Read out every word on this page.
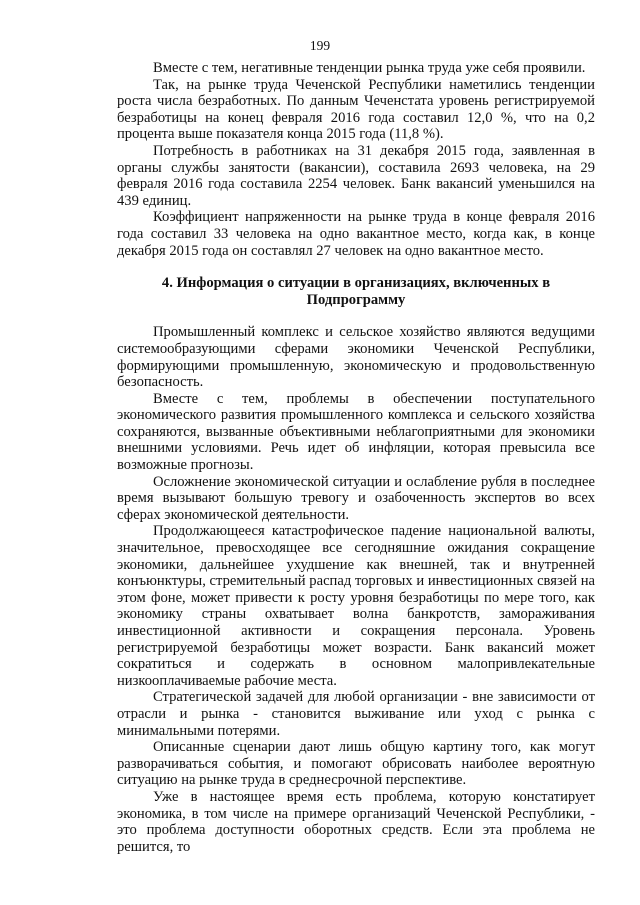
199

Вместе с тем, негативные тенденции рынка труда уже себя проявили.

Так, на рынке труда Чеченской Республики наметились тенденции роста числа безработных. По данным Чеченстата уровень регистрируемой безработицы на конец февраля 2016 года составил 12,0 %, что на 0,2 процента выше показателя конца 2015 года (11,8 %).

Потребность в работниках на 31 декабря 2015 года, заявленная в органы службы занятости (вакансии), составила 2693 человека, на 29 февраля 2016 года составила 2254 человек. Банк вакансий уменьшился на 439 единиц.

Коэффициент напряженности на рынке труда в конце февраля 2016 года составил 33 человека на одно вакантное место, когда как, в конце декабря 2015 года он составлял 27 человек на одно вакантное место.

4. Информация о ситуации в организациях, включенных в Подпрограмму

Промышленный комплекс и сельское хозяйство являются ведущими системообразующими сферами экономики Чеченской Республики, формирующими промышленную, экономическую и продовольственную безопасность.

Вместе с тем, проблемы в обеспечении поступательного экономического развития промышленного комплекса и сельского хозяйства сохраняются, вызванные объективными неблагоприятными для экономики внешними условиями. Речь идет об инфляции, которая превысила все возможные прогнозы.

Осложнение экономической ситуации и ослабление рубля в последнее время вызывают большую тревогу и озабоченность экспертов во всех сферах экономической деятельности.

Продолжающееся катастрофическое падение национальной валюты, значительное, превосходящее все сегодняшние ожидания сокращение экономики, дальнейшее ухудшение как внешней, так и внутренней конъюнктуры, стремительный распад торговых и инвестиционных связей на этом фоне, может привести к росту уровня безработицы по мере того, как экономику страны охватывает волна банкротств, замораживания инвестиционной активности и сокращения персонала. Уровень регистрируемой безработицы может возрасти. Банк вакансий может сократиться и содержать в основном малопривлекательные низкооплачиваемые рабочие места.

Стратегической задачей для любой организации - вне зависимости от отрасли и рынка - становится выживание или уход с рынка с минимальными потерями.

Описанные сценарии дают лишь общую картину того, как могут разворачиваться события, и помогают обрисовать наиболее вероятную ситуацию на рынке труда в среднесрочной перспективе.

Уже в настоящее время есть проблема, которую констатирует экономика, в том числе на примере организаций Чеченской Республики, - это проблема доступности оборотных средств. Если эта проблема не решится, то
